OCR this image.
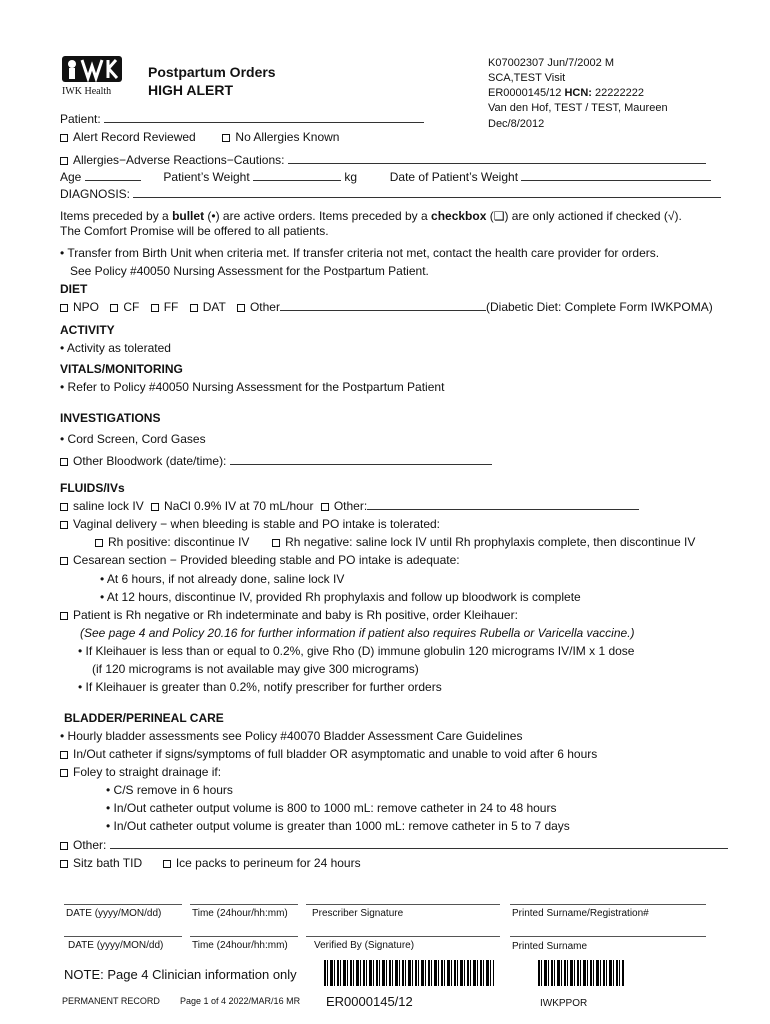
IWK Health
Postpartum Orders
HIGH ALERT
K07002307 Jun/7/2002 M
SCA,TEST Visit
ER0000145/12 HCN: 22222222
Van den Hof, TEST / TEST, Maureen
Dec/8/2012
Patient:
Alert Record Reviewed	No Allergies Known
Allergies−Adverse Reactions−Cautions:
Age	Patient’s Weight	kg	Date of Patient’s Weight
DIAGNOSIS:
Items preceded by a bullet (•) are active orders. Items preceded by a checkbox (❑) are only actioned if checked (√).
The Comfort Promise will be offered to all patients.
• Transfer from Birth Unit when criteria met. If transfer criteria not met, contact the health care provider for orders.
See Policy #40050 Nursing Assessment for the Postpartum Patient.
DIET
NPO CF FF DAT Other	(Diabetic Diet: Complete Form IWKPOMA)
ACTIVITY
• Activity as tolerated
VITALS/MONITORING
• Refer to Policy #40050 Nursing Assessment for the Postpartum Patient
INVESTIGATIONS
• Cord Screen, Cord Gases
Other Bloodwork (date/time):
FLUIDS/IVs
saline lock IV NaCl 0.9% IV at 70 mL/hour Other:
Vaginal delivery − when bleeding is stable and PO intake is tolerated:
Rh positive: discontinue IV	Rh negative: saline lock IV until Rh prophylaxis complete, then discontinue IV
Cesarean section − Provided bleeding stable and PO intake is adequate:
• At 6 hours, if not already done, saline lock IV
• At 12 hours, discontinue IV, provided Rh prophylaxis and follow up bloodwork is complete
Patient is Rh negative or Rh indeterminate and baby is Rh positive, order Kleihauer:
(See page 4 and Policy 20.16 for further information if patient also requires Rubella or Varicella vaccine.)
• If Kleihauer is less than or equal to 0.2%, give Rho (D) immune globulin 120 micrograms IV/IM x 1 dose
(if 120 micrograms is not available may give 300 micrograms)
• If Kleihauer is greater than 0.2%, notify prescriber for further orders
BLADDER/PERINEAL CARE
• Hourly bladder assessments see Policy #40070 Bladder Assessment Care Guidelines
In/Out catheter if signs/symptoms of full bladder OR asymptomatic and unable to void after 6 hours
Foley to straight drainage if:
• C/S remove in 6 hours
• In/Out catheter output volume is 800 to 1000 mL: remove catheter in 24 to 48 hours
• In/Out catheter output volume is greater than 1000 mL: remove catheter in 5 to 7 days
Other:
Sitz bath TID	Ice packs to perineum for 24 hours
DATE (yyyy/MON/dd)	Time (24hour/hh:mm) Prescriber Signature	Printed Surname/Registration#
DATE (yyyy/MON/dd)	Time (24hour/hh:mm)	Verified By (Signature)	Printed Surname
NOTE: Page 4 Clinician information only
PERMANENT RECORD Page 1 of 4 2022/MAR/16 MR ER0000145/12	IWKPPOR
